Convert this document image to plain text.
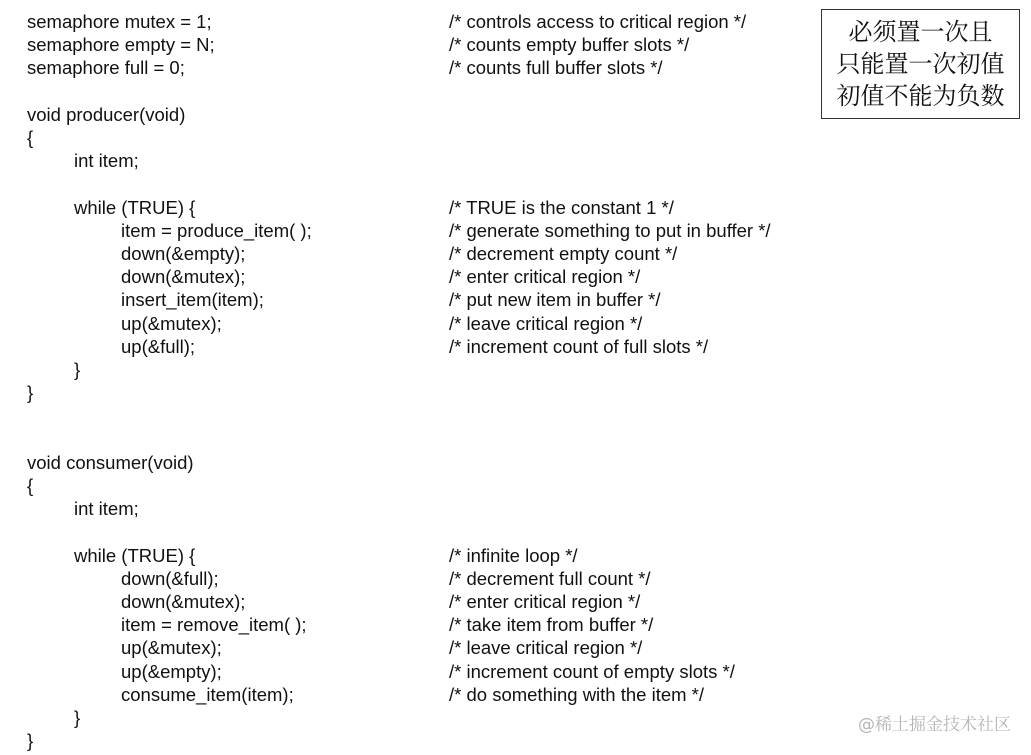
semaphore mutex = 1;	/* controls access to critical region */
semaphore empty = N;	/* counts empty buffer slots */
semaphore full = 0;	/* counts full buffer slots */
void producer(void)
{
int item;
while (TRUE) {	/* TRUE is the constant 1 */
item = produce_item( );	/* generate something to put in buffer */
down(&empty);	/* decrement empty count */
down(&mutex);	/* enter critical region */
insert_item(item);	/* put new item in buffer */
up(&mutex);	/* leave critical region */
up(&full);	/* increment count of full slots */
}
}
void consumer(void)
{
int item;
while (TRUE) {	/* infinite loop */
down(&full);	/* decrement full count */
down(&mutex);	/* enter critical region */
item = remove_item( );	/* take item from buffer */
up(&mutex);	/* leave critical region */
up(&empty);	/* increment count of empty slots */
consume_item(item);	/* do something with the item */
}
}
必须置一次且
只能置一次初值
初值不能为负数
@稀土掘金技术社区
